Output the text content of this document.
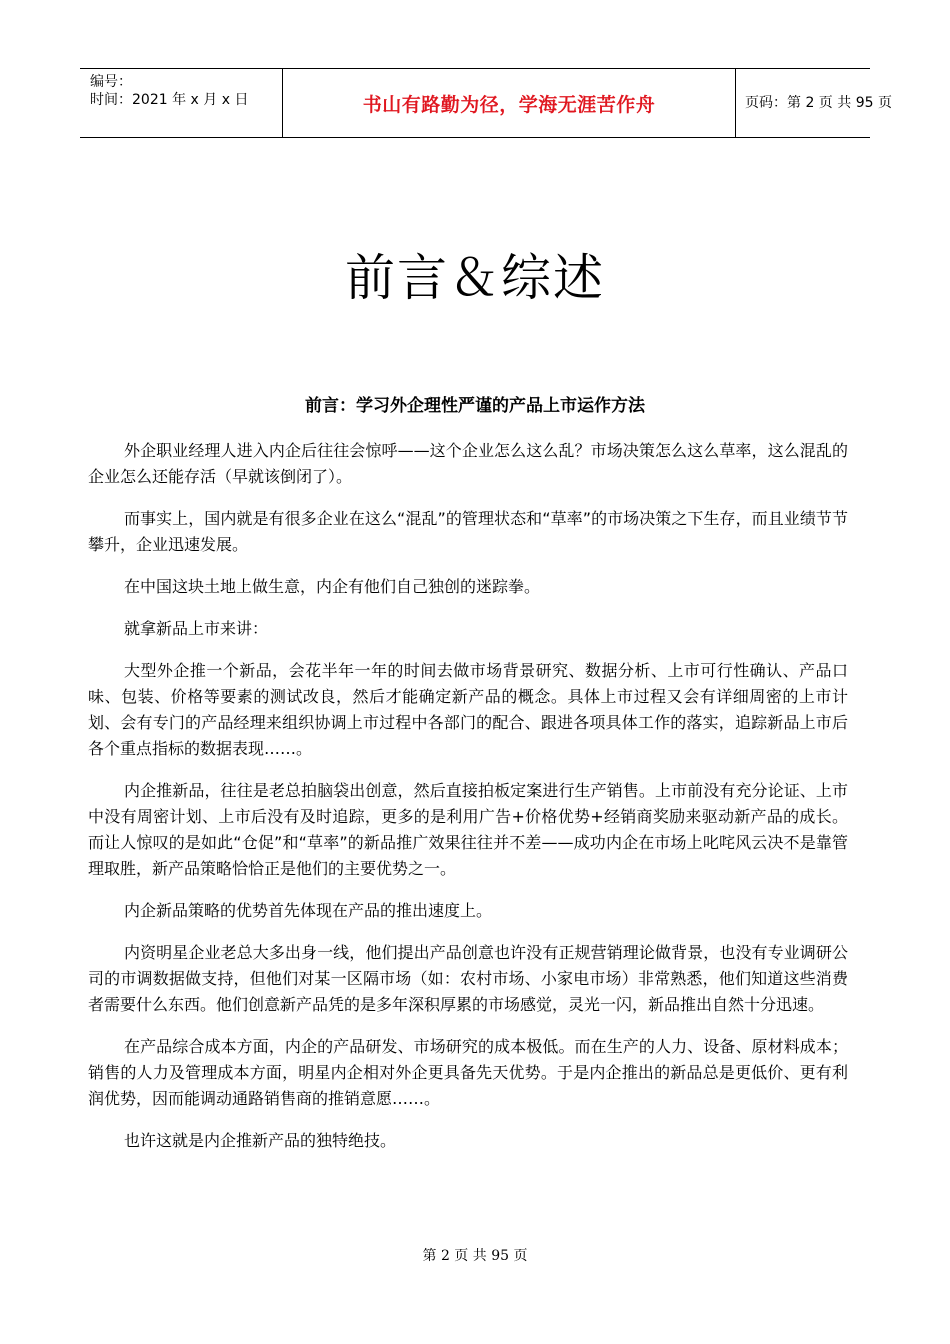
编号：
时间：2021 年 x 月 x 日	书山有路勤为径，学海无涯苦作舟	页码：第 2 页 共 95 页
前言＆综述
前言：学习外企理性严谨的产品上市运作方法

外企职业经理人进入内企后往往会惊呼——这个企业怎么这么乱？市场决策怎么这么草率，这么混乱的企业怎么还能存活（早就该倒闭了）。

而事实上，国内就是有很多企业在这么“混乱”的管理状态和“草率”的市场决策之下生存，而且业绩节节攀升，企业迅速发展。

在中国这块土地上做生意，内企有他们自己独创的迷踪拳。

就拿新品上市来讲：

大型外企推一个新品，会花半年一年的时间去做市场背景研究、数据分析、上市可行性确认、产品口味、包装、价格等要素的测试改良，然后才能确定新产品的概念。具体上市过程又会有详细周密的上市计划、会有专门的产品经理来组织协调上市过程中各部门的配合、跟进各项具体工作的落实，追踪新品上市后各个重点指标的数据表现……。

内企推新品，往往是老总拍脑袋出创意，然后直接拍板定案进行生产销售。上市前没有充分论证、上市中没有周密计划、上市后没有及时追踪，更多的是利用广告+价格优势+经销商奖励来驱动新产品的成长。而让人惊叹的是如此“仓促”和“草率”的新品推广效果往往并不差——成功内企在市场上叱咤风云决不是靠管理取胜，新产品策略恰恰正是他们的主要优势之一。

内企新品策略的优势首先体现在产品的推出速度上。

内资明星企业老总大多出身一线，他们提出产品创意也许没有正规营销理论做背景，也没有专业调研公司的市调数据做支持，但他们对某一区隔市场（如：农村市场、小家电市场）非常熟悉，他们知道这些消费者需要什么东西。他们创意新产品凭的是多年深积厚累的市场感觉，灵光一闪，新品推出自然十分迅速。

在产品综合成本方面，内企的产品研发、市场研究的成本极低。而在生产的人力、设备、原材料成本；销售的人力及管理成本方面，明星内企相对外企更具备先天优势。于是内企推出的新品总是更低价、更有利润优势，因而能调动通路销售商的推销意愿……。

也许这就是内企推新产品的独特绝技。

第 2 页 共 95 页
